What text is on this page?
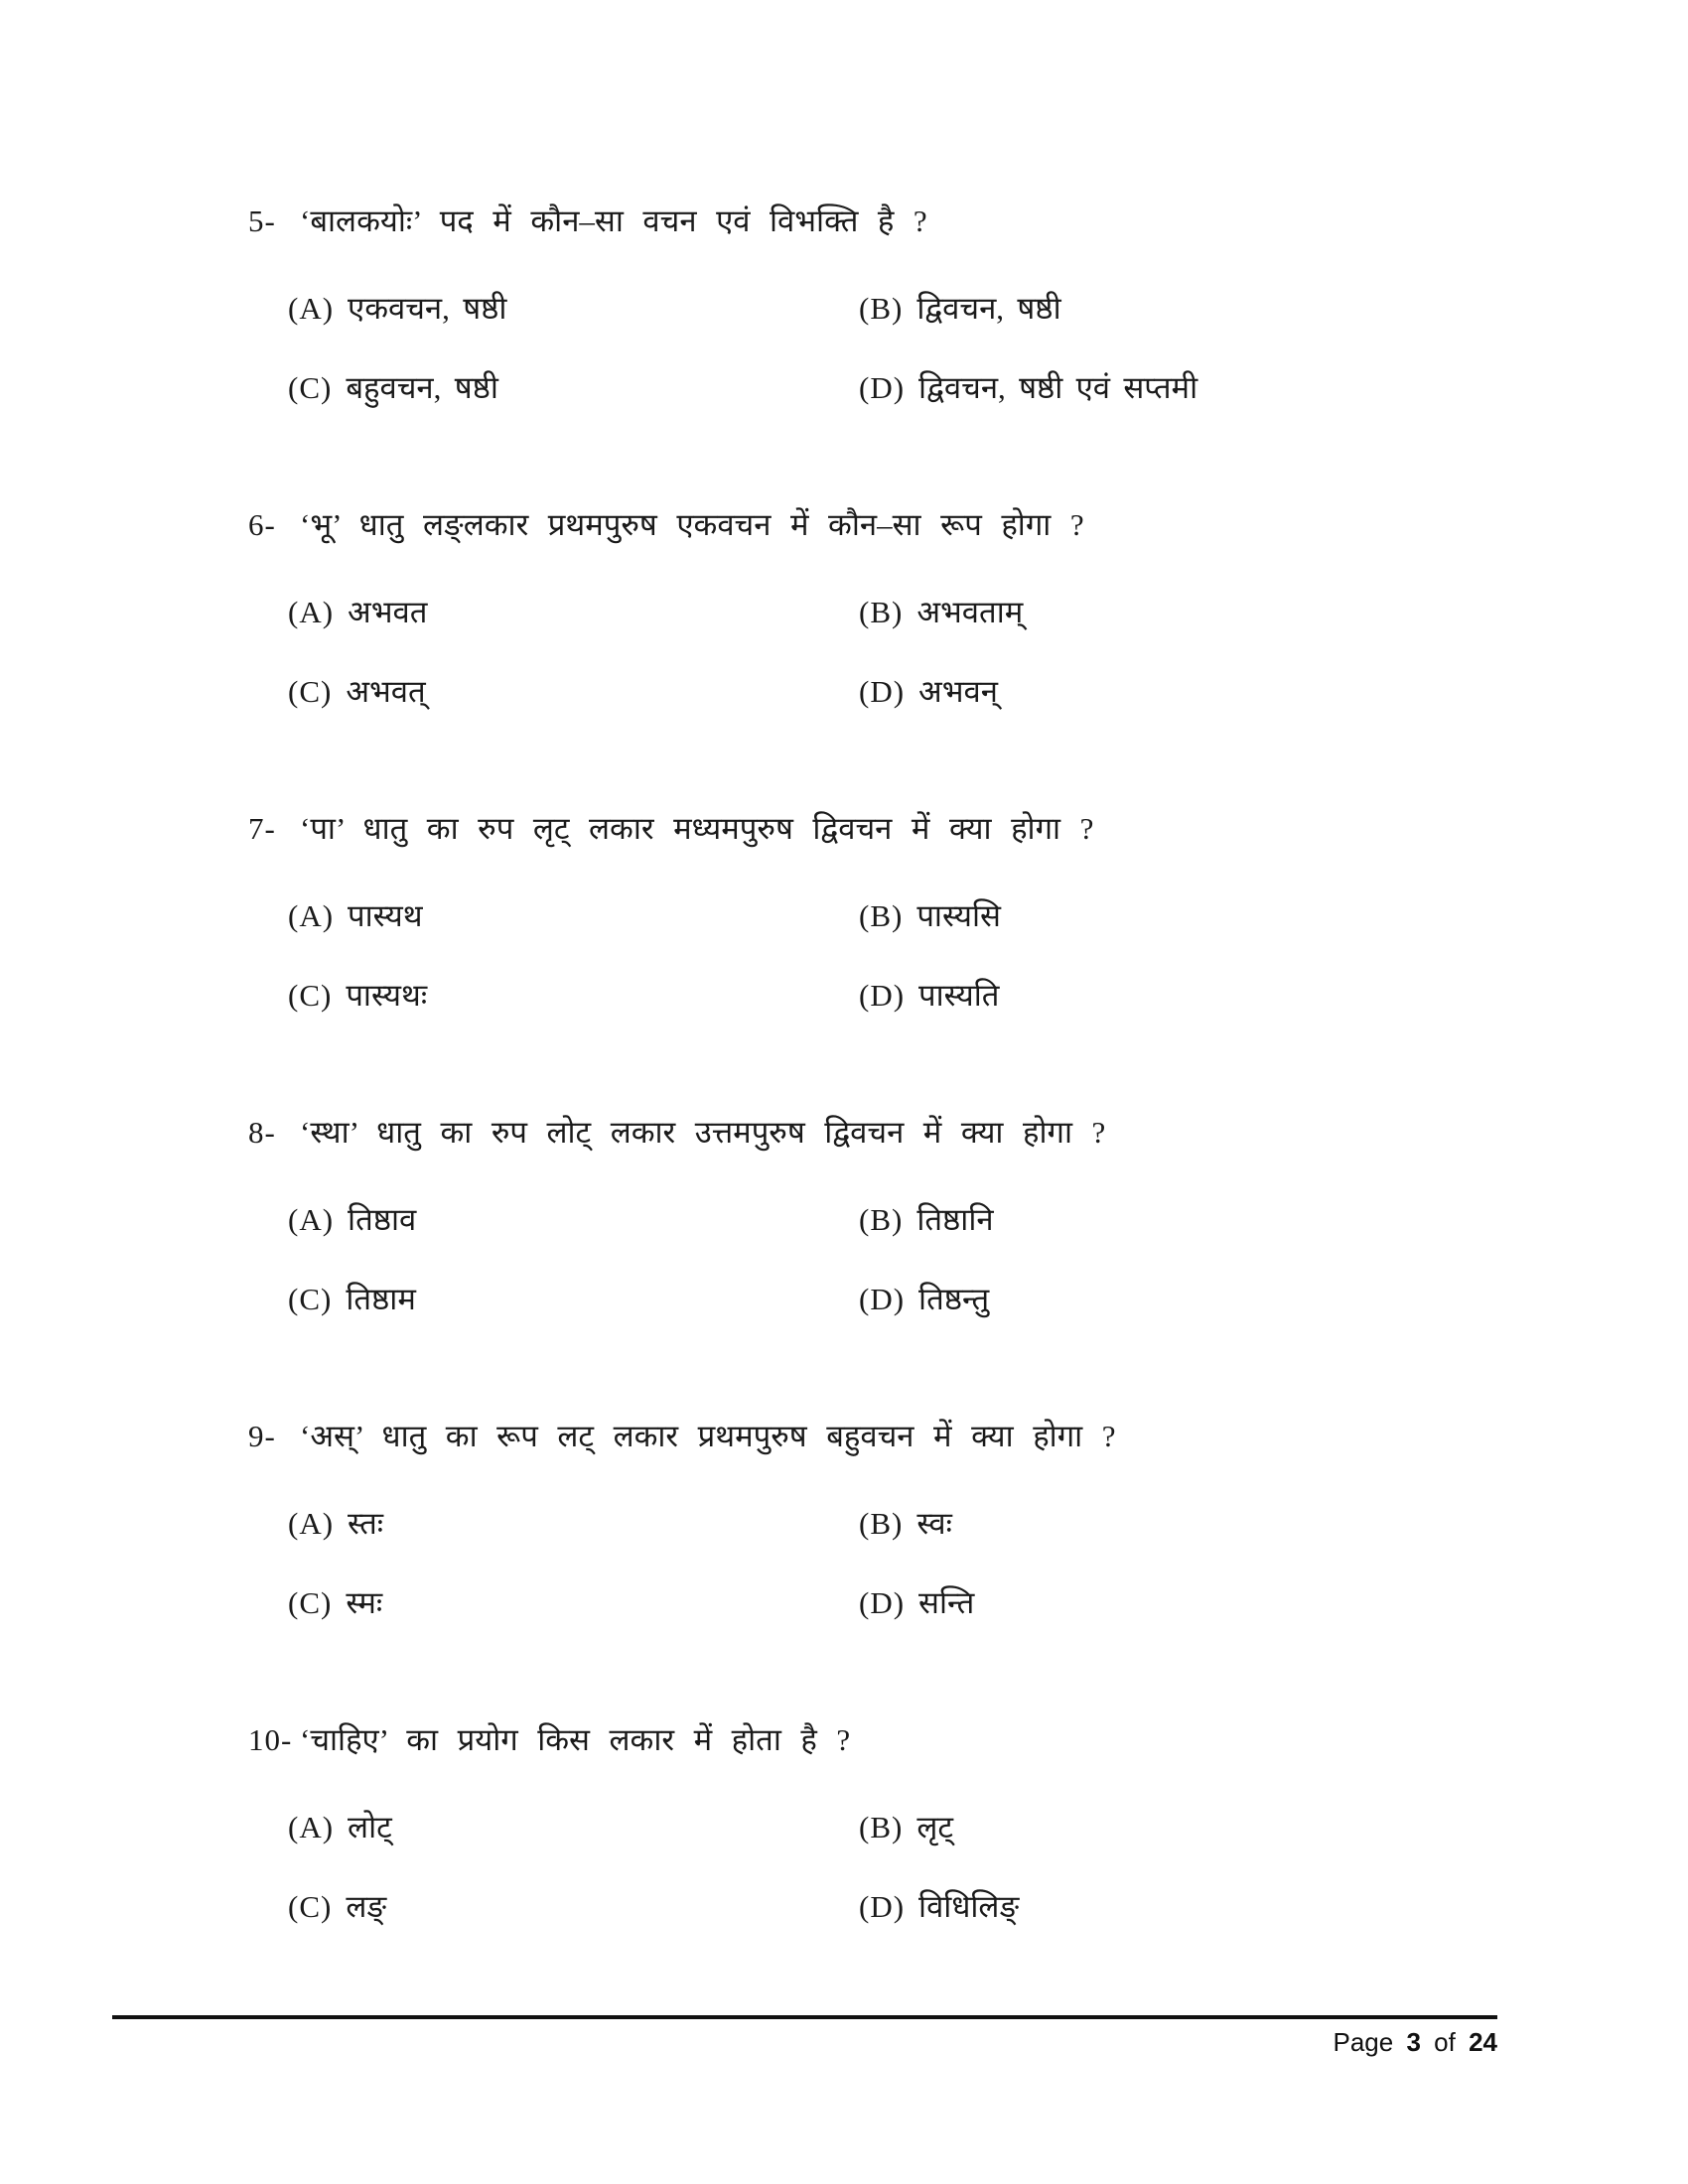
5- ‘बालकयोः’ पद में कौन–सा वचन एवं विभक्ति है ?
(A) एकवचन, षष्ठी	(B) द्विवचन, षष्ठी
(C) बहुवचन, षष्ठी	(D) द्विवचन, षष्ठी एवं सप्तमी
6- ‘भू’ धातु लङ्लकार प्रथमपुरुष एकवचन में कौन–सा रूप होगा ?
(A) अभवत	(B) अभवताम्
(C) अभवत्	(D) अभवन्
7- ‘पा’ धातु का रुप लृट् लकार मध्यमपुरुष द्विवचन में क्या होगा ?
(A) पास्यथ	(B) पास्यसि
(C) पास्यथः	(D) पास्यति
8- ‘स्था’ धातु का रुप लोट् लकार उत्तमपुरुष द्विवचन में क्या होगा ?
(A) तिष्ठाव	(B) तिष्ठानि
(C) तिष्ठाम	(D) तिष्ठन्तु
9- ‘अस्’ धातु का रूप लट् लकार प्रथमपुरुष बहुवचन में क्या होगा ?
(A) स्तः	(B) स्वः
(C) स्मः	(D) सन्ति
10- ‘चाहिए’ का प्रयोग किस लकार में होता है ?
(A) लोट्	(B) लृट्
(C) लङ्	(D) विधिलिङ्
Page 3 of 24
